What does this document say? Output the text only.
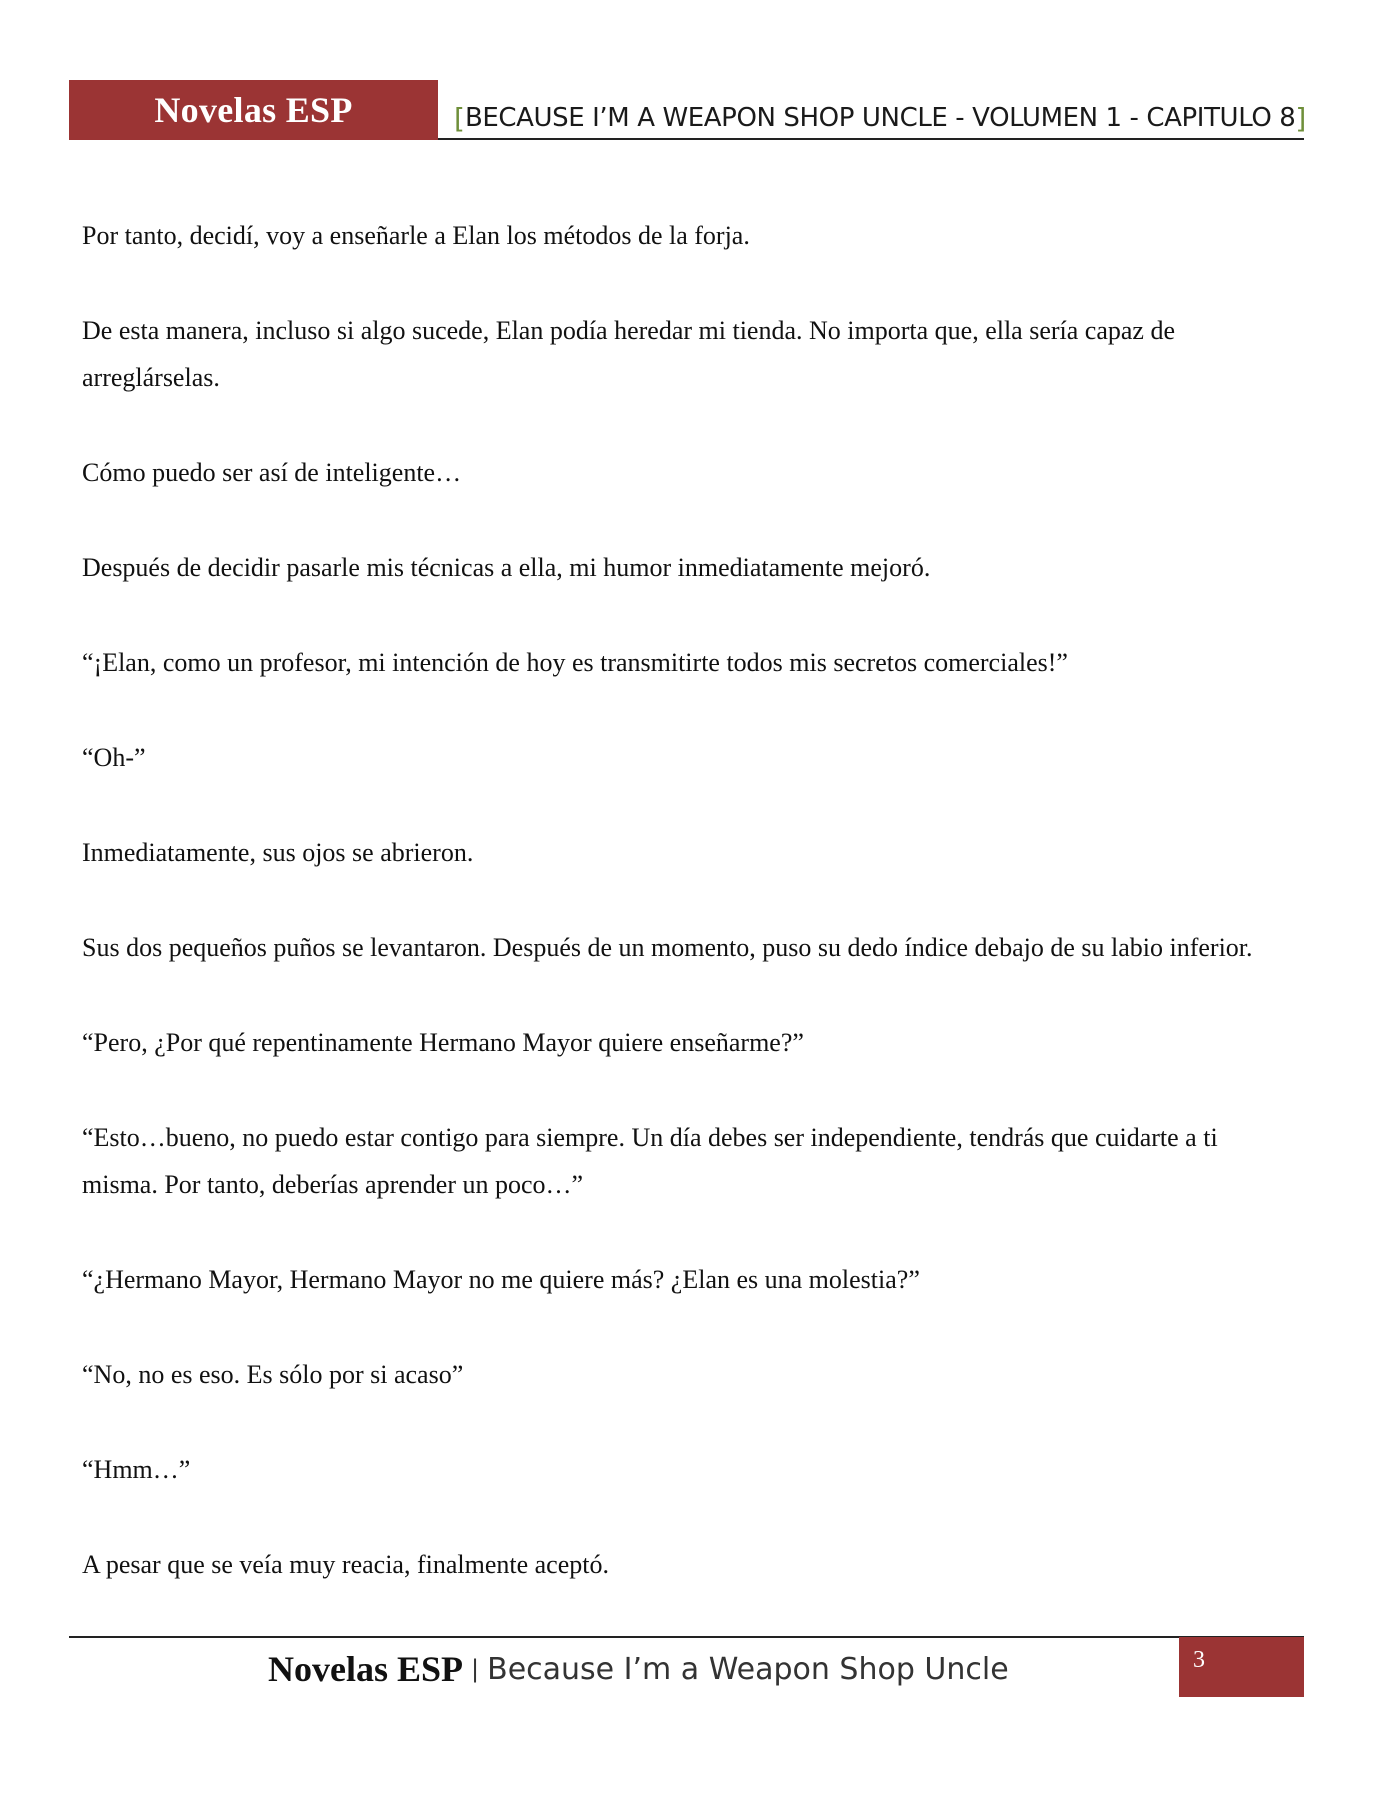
Novelas ESP	[ BECAUSE I’M A WEAPON SHOP UNCLE - VOLUMEN 1 - CAPITULO 8 ]

Por tanto, decidí, voy a enseñarle a Elan los métodos de la forja.

De esta manera, incluso si algo sucede, Elan podía heredar mi tienda. No importa que, ella sería capaz de arreglárselas.

Cómo puedo ser así de inteligente…

Después de decidir pasarle mis técnicas a ella, mi humor inmediatamente mejoró.

“¡Elan, como un profesor, mi intención de hoy es transmitirte todos mis secretos comerciales!”

“Oh-”

Inmediatamente, sus ojos se abrieron.

Sus dos pequeños puños se levantaron. Después de un momento, puso su dedo índice debajo de su labio inferior.

“Pero, ¿Por qué repentinamente Hermano Mayor quiere enseñarme?”

“Esto…bueno, no puedo estar contigo para siempre. Un día debes ser independiente, tendrás que cuidarte a ti misma. Por tanto, deberías aprender un poco…”

“¿Hermano Mayor, Hermano Mayor no me quiere más? ¿Elan es una molestia?”

“No, no es eso. Es sólo por si acaso”

“Hmm…”

A pesar que se veía muy reacia, finalmente aceptó.

Novelas ESP | Because I’m a Weapon Shop Uncle	3
